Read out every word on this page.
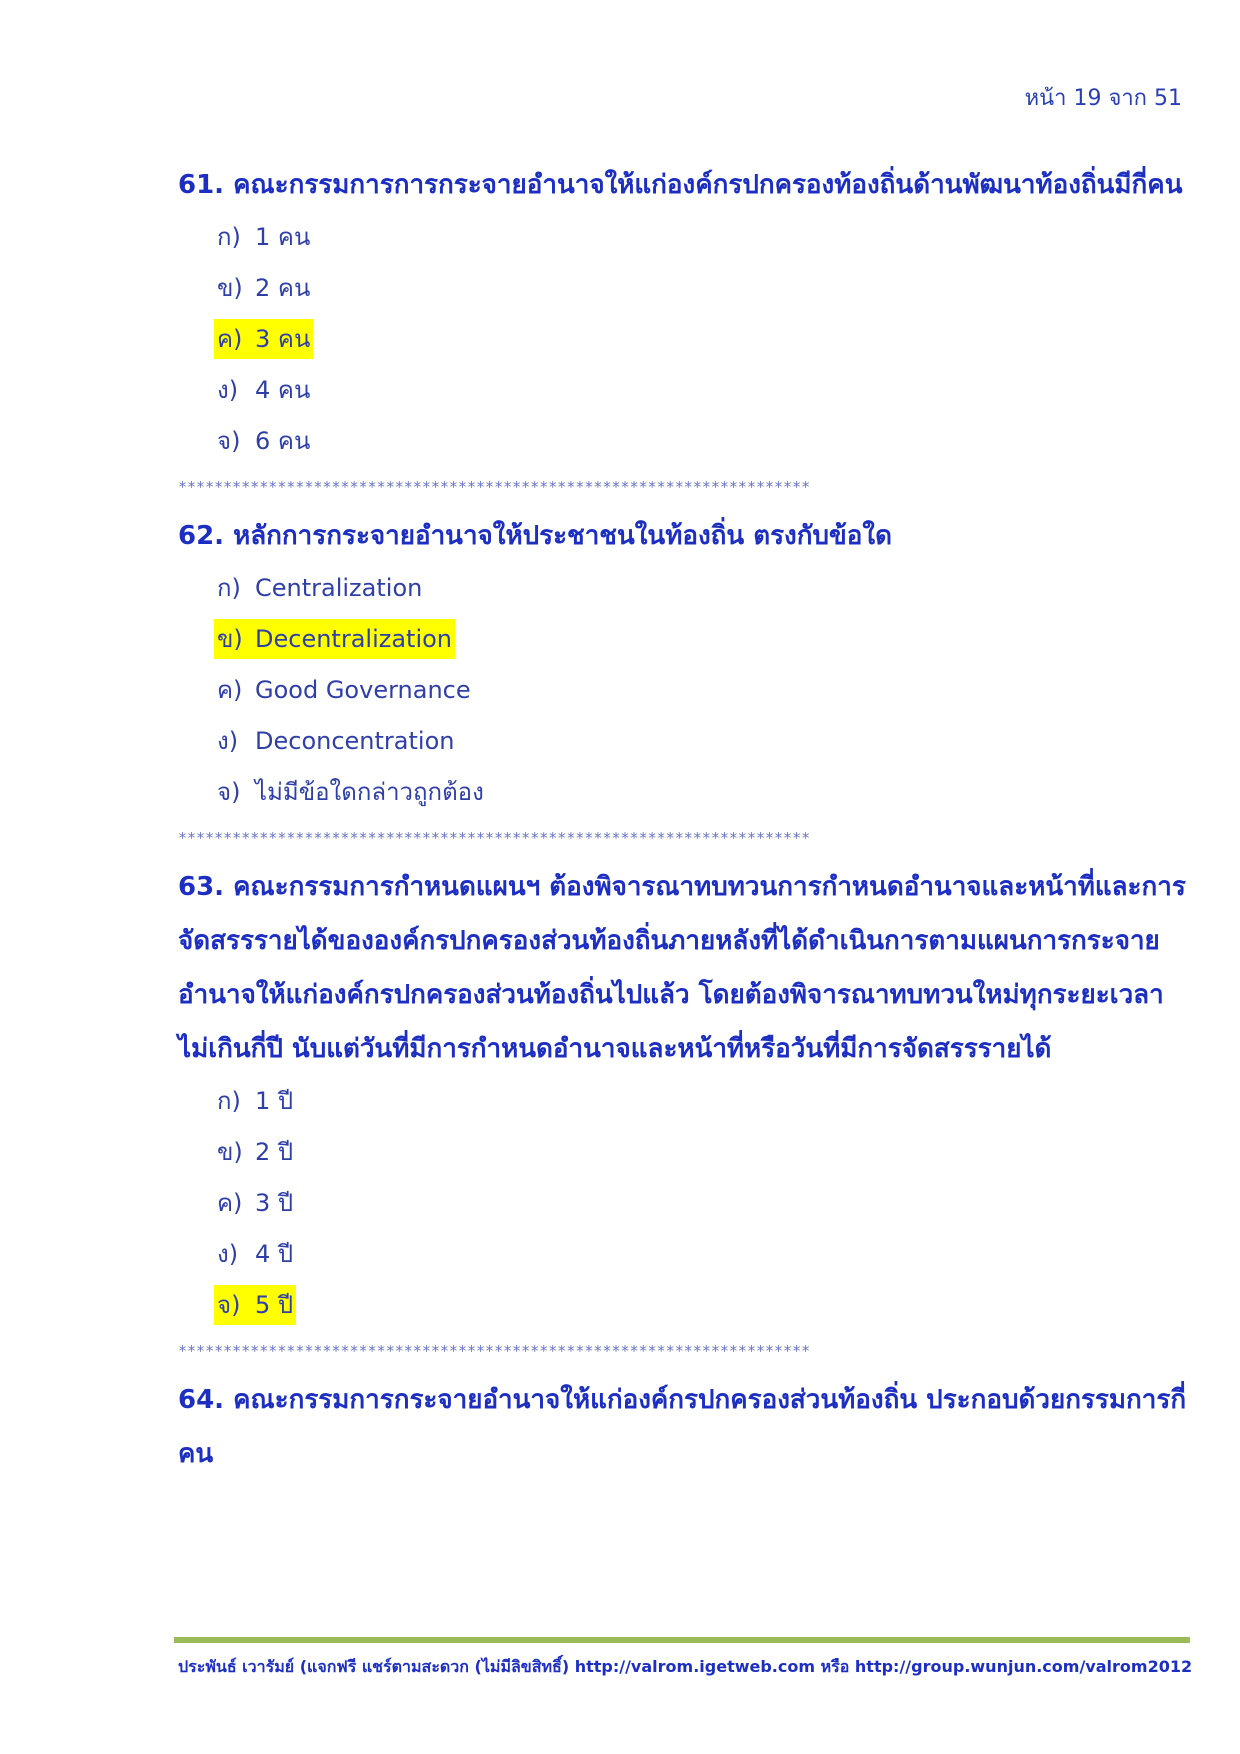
หน้า 19 จาก 51

61. คณะกรรมการการกระจายอำนาจให้แก่องค์กรปกครองท้องถิ่นด้านพัฒนาท้องถิ่นมีกี่คน

ก) 1 คน
ข) 2 คน
ค) 3 คน
ง) 4 คน
จ) 6 คน
**********************************************************************

62. หลักการกระจายอำนาจให้ประชาชนในท้องถิ่น ตรงกับข้อใด

ก) Centralization
ข) Decentralization
ค) Good Governance
ง) Deconcentration
จ) ไม่มีข้อใดกล่าวถูกต้อง
**********************************************************************

63. คณะกรรมการกำหนดแผนฯ ต้องพิจารณาทบทวนการกำหนดอำนาจและหน้าที่และการจัดสรรรายได้ขององค์กรปกครองส่วนท้องถิ่นภายหลังที่ได้ดำเนินการตามแผนการกระจายอำนาจให้แก่องค์กรปกครองส่วนท้องถิ่นไปแล้ว โดยต้องพิจารณาทบทวนใหม่ทุกระยะเวลาไม่เกินกี่ปี นับแต่วันที่มีการกำหนดอำนาจและหน้าที่หรือวันที่มีการจัดสรรรายได้

ก) 1 ปี
ข) 2 ปี
ค) 3 ปี
ง) 4 ปี
จ) 5 ปี
**********************************************************************

64. คณะกรรมการกระจายอำนาจให้แก่องค์กรปกครองส่วนท้องถิ่น ประกอบด้วยกรรมการกี่คน

ประพันธ์ เวารัมย์ (แจกฟรี แชร์ตามสะดวก (ไม่มีลิขสิทธิ์) http://valrom.igetweb.com หรือ http://group.wunjun.com/valrom2012
